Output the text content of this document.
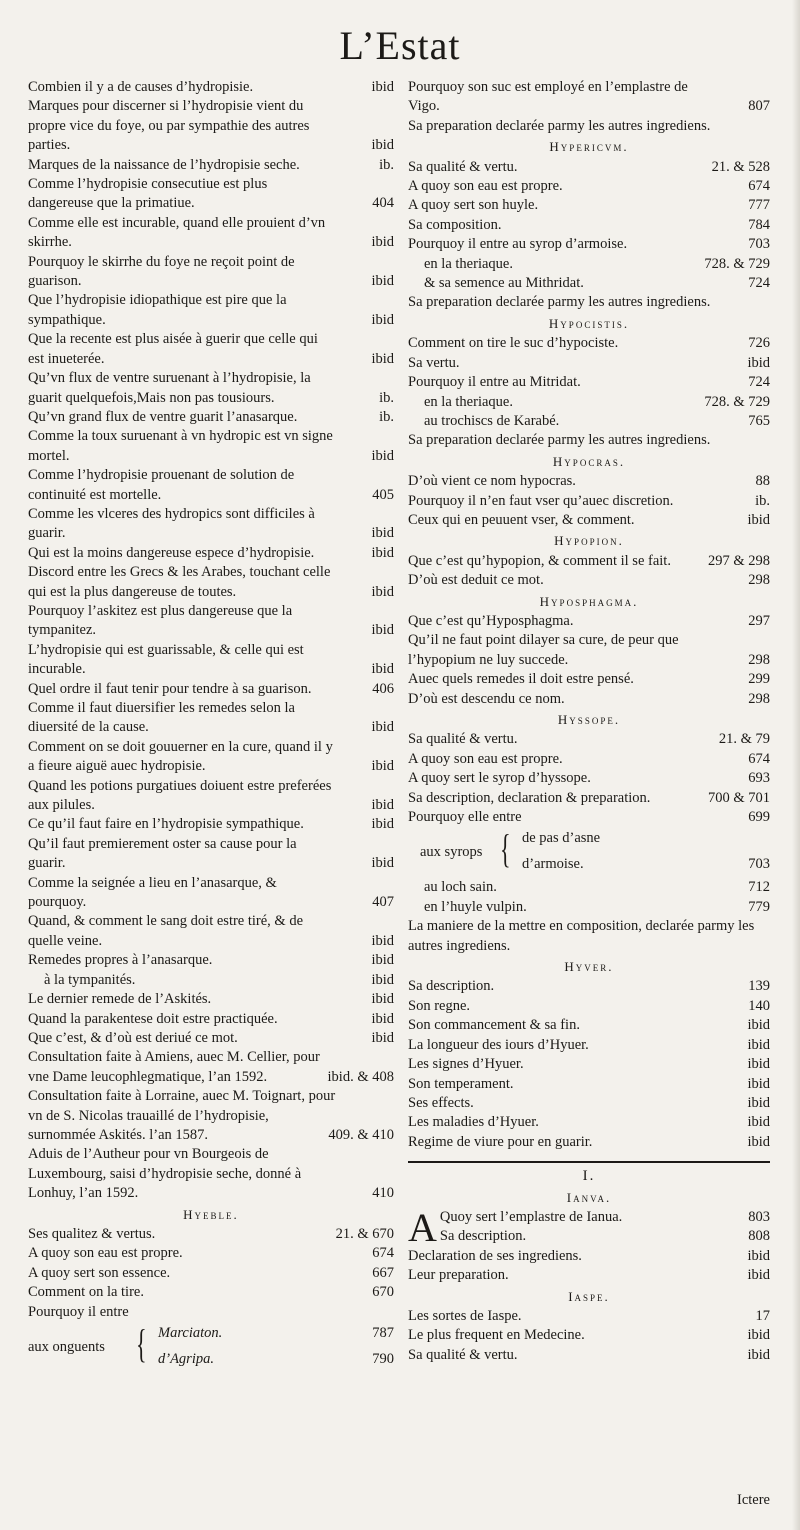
L’Estat
Combien il y a de causes d’hydropisie.	ibid
Marques pour discerner si l’hydropisie vient du propre vice du foye, ou par sympathie des autres parties.	ibid
Marques de la naissance de l’hydropisie seche.	ib.
Comme l’hydropisie consecutiue est plus dangereuse que la primatiue.	404
Comme elle est incurable, quand elle prouient d’vn skirrhe.	ibid
Pourquoy le skirrhe du foye ne reçoit point de guarison.	ibid
Que l’hydropisie idiopathique est pire que la sympathique.	ibid
Que la recente est plus aisée à guerir que celle qui est inueterée.	ibid
Qu’vn flux de ventre suruenant à l’hydropisie, la guarit quelquefois,Mais non pas tousiours.	ib.
Qu’vn grand flux de ventre guarit l’anasarque.	ib.
Comme la toux suruenant à vn hydropic est vn signe mortel.	ibid
Comme l’hydropisie prouenant de solution de continuité est mortelle.	405
Comme les vlceres des hydropics sont difficiles à guarir.	ibid
Qui est la moins dangereuse espece d’hydropisie.	ibid
Discord entre les Grecs & les Arabes, touchant celle qui est la plus dangereuse de toutes.	ibid
Pourquoy l’askitez est plus dangereuse que la tympanitez.	ibid
L’hydropisie qui est guarissable, & celle qui est incurable.	ibid
Quel ordre il faut tenir pour tendre à sa guarison.	406
Comme il faut diuersifier les remedes selon la diuersité de la cause.	ibid
Comment on se doit gouuerner en la cure, quand il y a fieure aiguë auec hydropisie.	ibid
Quand les potions purgatiues doiuent estre preferées aux pilules.	ibid
Ce qu’il faut faire en l’hydropisie sympathique.	ibid
Qu’il faut premierement oster sa cause pour la guarir.	ibid
Comme la seignée a lieu en l’anasarque, & pourquoy.	407
Quand, & comment le sang doit estre tiré, & de quelle veine.	ibid
Remedes propres à l’anasarque.	ibid
à la tympanités.	ibid
Le dernier remede de l’Askités.	ibid
Quand la parakentese doit estre practiquée.	ibid
Que c’est, & d’où est deriué ce mot.	ibid
Consultation faite à Amiens, auec M. Cellier, pour vne Dame leucophlegmatique, l’an 1592.	ibid. & 408
Consultation faite à Lorraine, auec M. Toignart, pour vn de S. Nicolas trauaillé de l’hydropisie, surnommée Askités. l’an 1587.	409. & 410
Aduis de l’Autheur pour vn Bourgeois de Luxembourg, saisi d’hydropisie seche, donné à Lonhuy, l’an 1592.	410
Hyeble.
Ses qualitez & vertus.	21. & 670
A quoy son eau est propre.	674
A quoy sert son essence.	667
Comment on la tire.	670
Pourquoy il entre
aux onguents { Marciaton.	787
d’Agripa.	790
Pourquoy son suc est employé en l’emplastre de Vigo.	807
Sa preparation declarée parmy les autres ingrediens.
Hypericvm.
Sa qualité & vertu.	21. & 528
A quoy son eau est propre.	674
A quoy sert son huyle.	777
Sa composition.	784
Pourquoy il entre au syrop d’armoise.	703
en la theriaque.	728. & 729
& sa semence au Mithridat.	724
Sa preparation declarée parmy les autres ingrediens.
Hypocistis.
Comment on tire le suc d’hypociste.	726
Sa vertu.	ibid
Pourquoy il entre au Mitridat.	724
en la theriaque.	728. & 729
au trochiscs de Karabé.	765
Sa preparation declarée parmy les autres ingrediens.
Hypocras.
D’où vient ce nom hypocras.	88
Pourquoy il n’en faut vser qu’auec discretion.	ib.
Ceux qui en peuuent vser, & comment.	ibid
Hypopion.
Que c’est qu’hypopion, & comment il se fait.	297 & 298
D’où est deduit ce mot.	298
Hyposphagma.
Que c’est qu’Hyposphagma.	297
Qu’il ne faut point dilayer sa cure, de peur que l’hypopium ne luy succede.	298
Auec quels remedes il doit estre pensé.	299
D’où est descendu ce nom.	298
Hyssope.
Sa qualité & vertu.	21. & 79
A quoy son eau est propre.	674
A quoy sert le syrop d’hyssope.	693
Sa description, declaration & preparation.	700 & 701
Pourquoy elle entre	699
aux syrops { de pas d’asne
d’armoise.	703
au loch sain.	712
en l’huyle vulpin.	779
La maniere de la mettre en composition, declarée parmy les autres ingrediens.
Hyver.
Sa description.	139
Son regne.	140
Son commancement & sa fin.	ibid
La longueur des iours d’Hyuer.	ibid
Les signes d’Hyuer.	ibid
Son temperament.	ibid
Ses effects.	ibid
Les maladies d’Hyuer.	ibid
Regime de viure pour en guarir.	ibid
I.
Ianva.
A Quoy sert l’emplastre de Ianua.	803
Sa description.	808
Declaration de ses ingrediens.	ibid
Leur preparation.	ibid
Iaspe.
Les sortes de Iaspe.	17
Le plus frequent en Medecine.	ibid
Sa qualité & vertu.	ibid
Ictere
